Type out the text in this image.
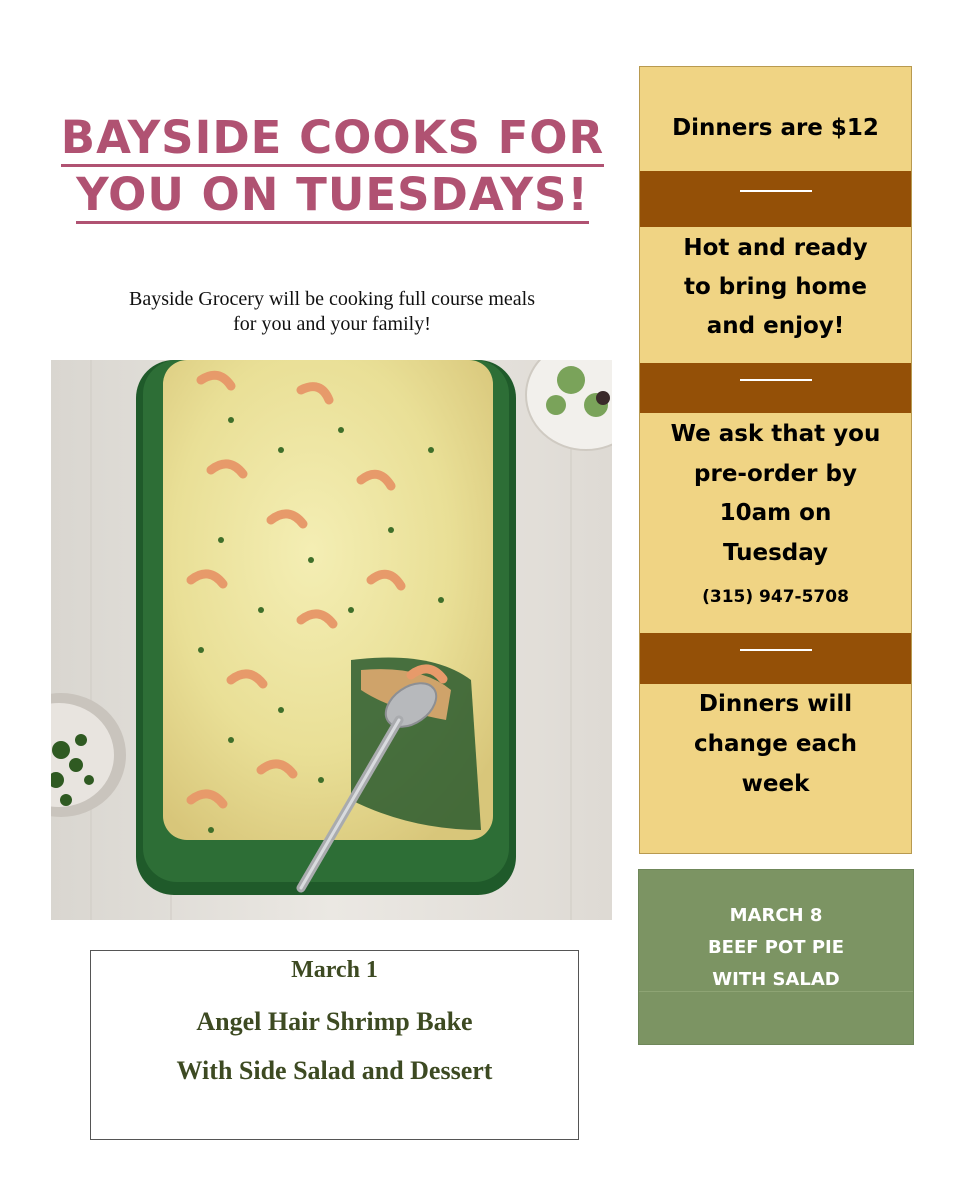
BAYSIDE COOKS FOR
YOU ON TUESDAYS!
Bayside Grocery will be cooking full course meals
for you and your family!
March 1
Angel Hair Shrimp Bake
With Side Salad and Dessert
Dinners are $12
Hot and ready
to bring home
and enjoy!
We ask that you
pre-order by
10am on
Tuesday
(315) 947-5708
Dinners will
change each
week
MARCH 8
BEEF POT PIE
WITH SALAD
